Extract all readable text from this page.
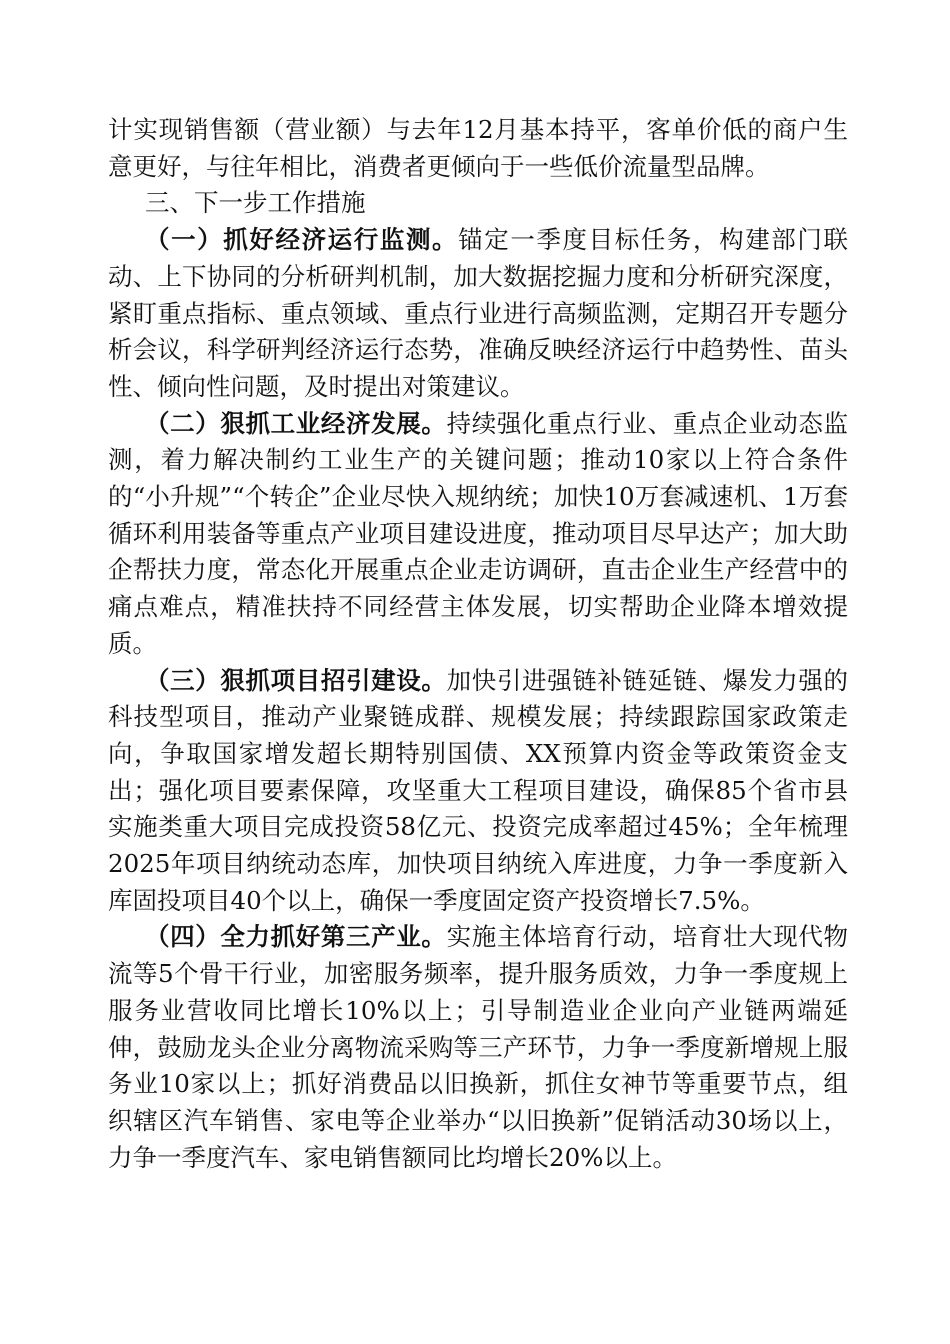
计实现销售额（营业额）与去年12月基本持平，客单价低的商户生意更好，与往年相比，消费者更倾向于一些低价流量型品牌。

三、下一步工作措施

（一）抓好经济运行监测。锚定一季度目标任务，构建部门联动、上下协同的分析研判机制，加大数据挖掘力度和分析研究深度，紧盯重点指标、重点领域、重点行业进行高频监测，定期召开专题分析会议，科学研判经济运行态势，准确反映经济运行中趋势性、苗头性、倾向性问题，及时提出对策建议。

（二）狠抓工业经济发展。持续强化重点行业、重点企业动态监测，着力解决制约工业生产的关键问题；推动10家以上符合条件的“小升规”“个转企”企业尽快入规纳统；加快10万套减速机、1万套循环利用装备等重点产业项目建设进度，推动项目尽早达产；加大助企帮扶力度，常态化开展重点企业走访调研，直击企业生产经营中的痛点难点，精准扶持不同经营主体发展，切实帮助企业降本增效提质。

（三）狠抓项目招引建设。加快引进强链补链延链、爆发力强的科技型项目，推动产业聚链成群、规模发展；持续跟踪国家政策走向，争取国家增发超长期特别国债、XX预算内资金等政策资金支出；强化项目要素保障，攻坚重大工程项目建设，确保85个省市县实施类重大项目完成投资58亿元、投资完成率超过45%；全年梳理2025年项目纳统动态库，加快项目纳统入库进度，力争一季度新入库固投项目40个以上，确保一季度固定资产投资增长7.5%。

（四）全力抓好第三产业。实施主体培育行动，培育壮大现代物流等5个骨干行业，加密服务频率，提升服务质效，力争一季度规上服务业营收同比增长10%以上；引导制造业企业向产业链两端延伸，鼓励龙头企业分离物流采购等三产环节，力争一季度新增规上服务业10家以上；抓好消费品以旧换新，抓住女神节等重要节点，组织辖区汽车销售、家电等企业举办“以旧换新”促销活动30场以上，力争一季度汽车、家电销售额同比均增长20%以上。
